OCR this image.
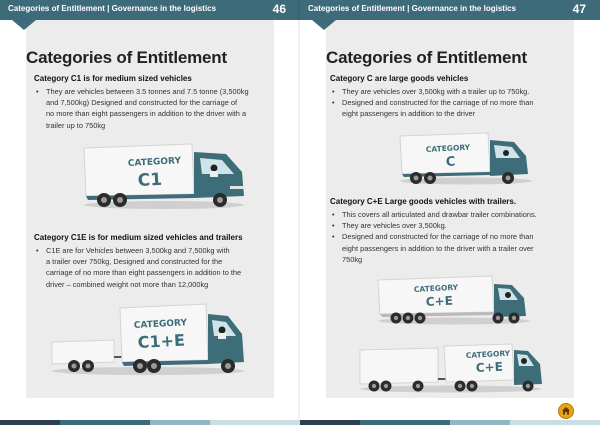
Categories of Entitlement | Governance in the logistics	46
Categories of Entitlement
Category C1 is for medium sized vehicles
• They are vehicles between 3.5 tonnes and 7.5 tonne (3,500kg
and 7,500kg) Designed and constructed for the carriage of
no more than eight passengers in addition to the driver with a
trailer up to 750kg
CATEGORY
C1
Category C1E is for medium sized vehicles and trailers
• C1E are for Vehicles between 3,500kg and 7,500kg with
a trailer over 750kg, Designed and constructed for the
carriage of no more than eight passengers in addition to the
driver – combined weight not more than 12,000kg
CATEGORY
C1+E
Categories of Entitlement | Governance in the logistics	47
Categories of Entitlement
Category C are large goods vehicles
• They are vehicles over 3,500kg with a trailer up to 750kg.
• Designed and constructed for the carriage of no more than
eight passengers in addition to the driver
CATEGORY
C
Category C+E Large goods vehicles with trailers.
• This covers all articulated and drawbar trailer combinations.
• They are vehicles over 3,500kg.
• Designed and constructed for the carriage of no more than
eight passengers in addition to the driver with a trailer over
750kg
CATEGORY
C+E
CATEGORY
C+E
